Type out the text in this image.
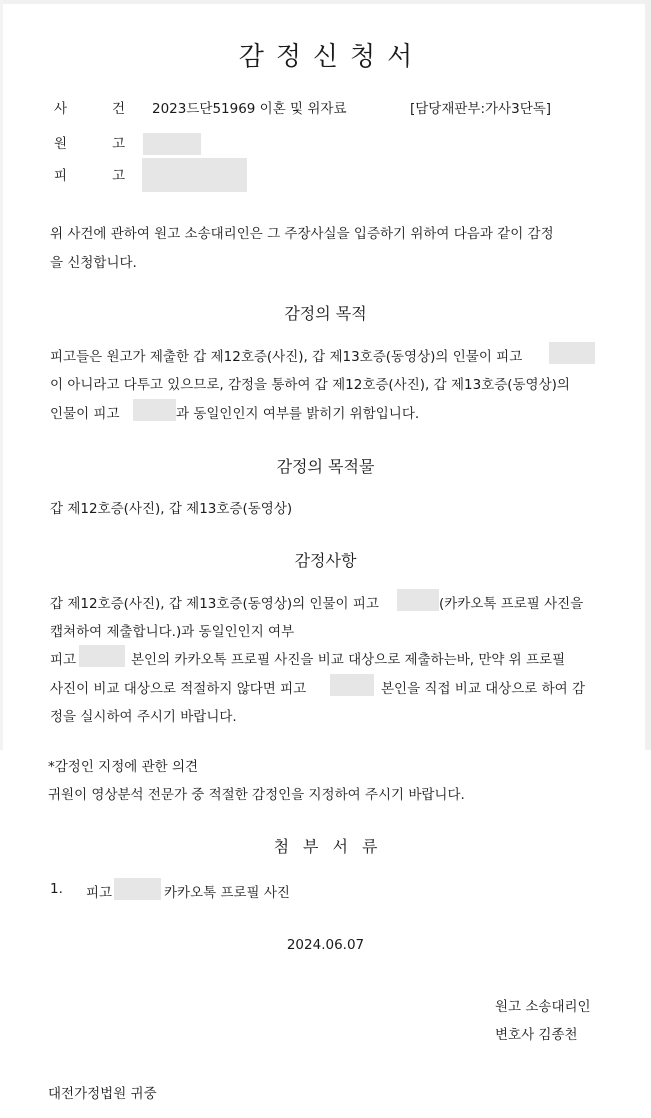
감정신청서
사	건 2023드단51969 이혼 및 위자료	[담당재판부:가사3단독]
원	고
피	고
위 사건에 관하여 원고 소송대리인은 그 주장사실을 입증하기 위하여 다음과 같이 감정
을 신청합니다.
감정의 목적
피고들은 원고가 제출한 갑 제12호증(사진), 갑 제13호증(동영상)의 인물이 피고
이 아니라고 다투고 있으므로, 감정을 통하여 갑 제12호증(사진), 갑 제13호증(동영상)의
인물이 피고	과 동일인인지 여부를 밝히기 위함입니다.
감정의 목적물
갑 제12호증(사진), 갑 제13호증(동영상)
감정사항
갑 제12호증(사진), 갑 제13호증(동영상)의 인물이 피고	(카카오톡 프로필 사진을
캡쳐하여 제출합니다.)과 동일인인지 여부
피고	본인의 카카오톡 프로필 사진을 비교 대상으로 제출하는바, 만약 위 프로필
사진이 비교 대상으로 적절하지 않다면 피고	본인을 직접 비교 대상으로 하여 감
정을 실시하여 주시기 바랍니다.
*감정인 지정에 관한 의견
귀원이 영상분석 전문가 중 적절한 감정인을 지정하여 주시기 바랍니다.
첨부서류
1. 피고	카카오톡 프로필 사진
2024.06.07
원고 소송대리인
변호사 김종천
대전가정법원 귀중
